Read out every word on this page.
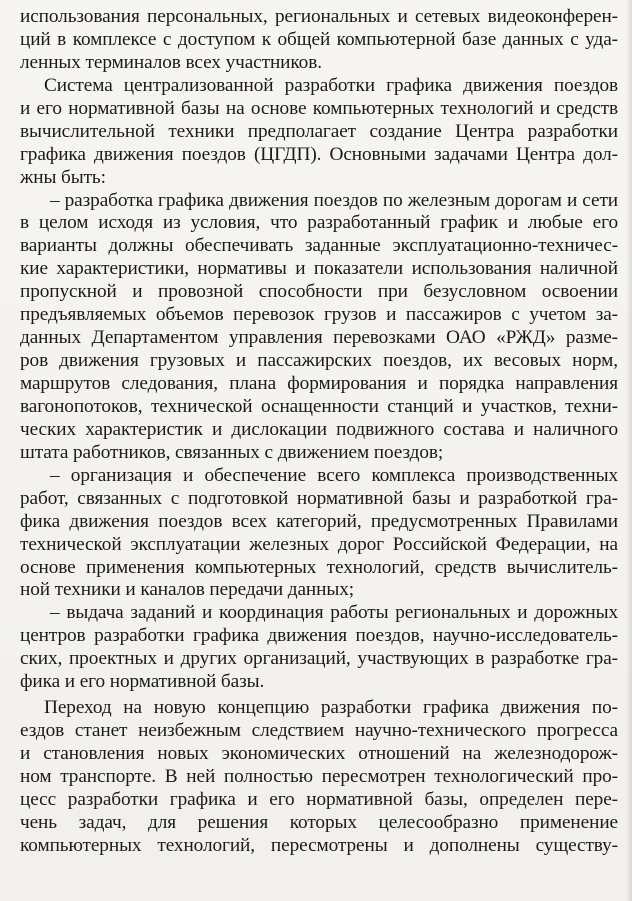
использования персональных, региональных и сетевых видеоконферен-
ций в комплексе с доступом к общей компьютерной базе данных с уда-
ленных терминалов всех участников.
Система централизованной разработки графика движения поездов
и его нормативной базы на основе компьютерных технологий и средств
вычислительной техники предполагает создание Центра разработки
графика движения поездов (ЦГДП). Основными задачами Центра дол-
жны быть:
– разработка графика движения поездов по железным дорогам и сети
в целом исходя из условия, что разработанный график и любые его
варианты должны обеспечивать заданные эксплуатационно-техничес-
кие характеристики, нормативы и показатели использования наличной
пропускной и провозной способности при безусловном освоении
предъявляемых объемов перевозок грузов и пассажиров с учетом за-
данных Департаментом управления перевозками ОАО «РЖД» разме-
ров движения грузовых и пассажирских поездов, их весовых норм,
маршрутов следования, плана формирования и порядка направления
вагонопотоков, технической оснащенности станций и участков, техни-
ческих характеристик и дислокации подвижного состава и наличного
штата работников, связанных с движением поездов;
– организация и обеспечение всего комплекса производственных
работ, связанных с подготовкой нормативной базы и разработкой гра-
фика движения поездов всех категорий, предусмотренных Правилами
технической эксплуатации железных дорог Российской Федерации, на
основе применения компьютерных технологий, средств вычислитель-
ной техники и каналов передачи данных;
– выдача заданий и координация работы региональных и дорожных
центров разработки графика движения поездов, научно-исследователь-
ских, проектных и других организаций, участвующих в разработке гра-
фика и его нормативной базы.
Переход на новую концепцию разработки графика движения по-
ездов станет неизбежным следствием научно-технического прогресса
и становления новых экономических отношений на железнодорож-
ном транспорте. В ней полностью пересмотрен технологический про-
цесс разработки графика и его нормативной базы, определен пере-
чень задач, для решения которых целесообразно применение
компьютерных технологий, пересмотрены и дополнены существу-
